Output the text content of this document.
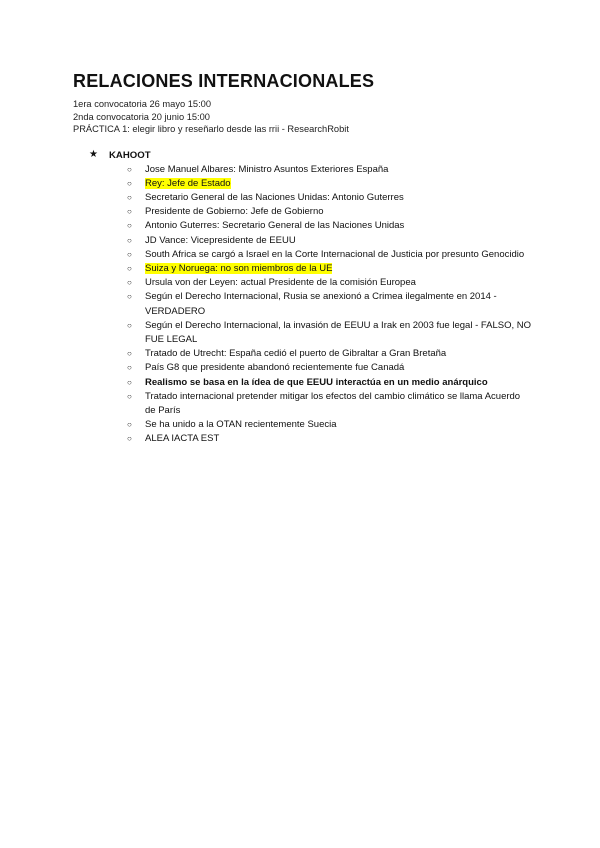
RELACIONES INTERNACIONALES
1era convocatoria 26 mayo 15:00
2nda convocatoria 20 junio 15:00
PRÁCTICA 1: elegir libro y reseñarlo desde las rrii - ResearchRobit
★ KAHOOT
○ Jose Manuel Albares: Ministro Asuntos Exteriores España
○ Rey: Jefe de Estado
○ Secretario General de las Naciones Unidas: Antonio Guterres
○ Presidente de Gobierno: Jefe de Gobierno
○ Antonio Guterres: Secretario General de las Naciones Unidas
○ JD Vance: Vicepresidente de EEUU
○ South Africa se cargó a Israel en la Corte Internacional de Justicia por presunto Genocidio
○ Suiza y Noruega: no son miembros de la UE
○ Ursula von der Leyen: actual Presidente de la comisión Europea
○ Según el Derecho Internacional, Rusia se anexionó a Crimea ilegalmente en 2014 - VERDADERO
○ Según el Derecho Internacional, la invasión de EEUU a Irak en 2003 fue legal - FALSO, NO FUE LEGAL
○ Tratado de Utrecht: España cedió el puerto de Gibraltar a Gran Bretaña
○ País G8 que presidente abandonó recientemente fue Canadá
○ Realismo se basa en la ídea de que EEUU interactúa en un medio anárquico
○ Tratado internacional pretender mitigar los efectos del cambio climático se llama Acuerdo de París
○ Se ha unido a la OTAN recientemente Suecia
○ ALEA IACTA EST
